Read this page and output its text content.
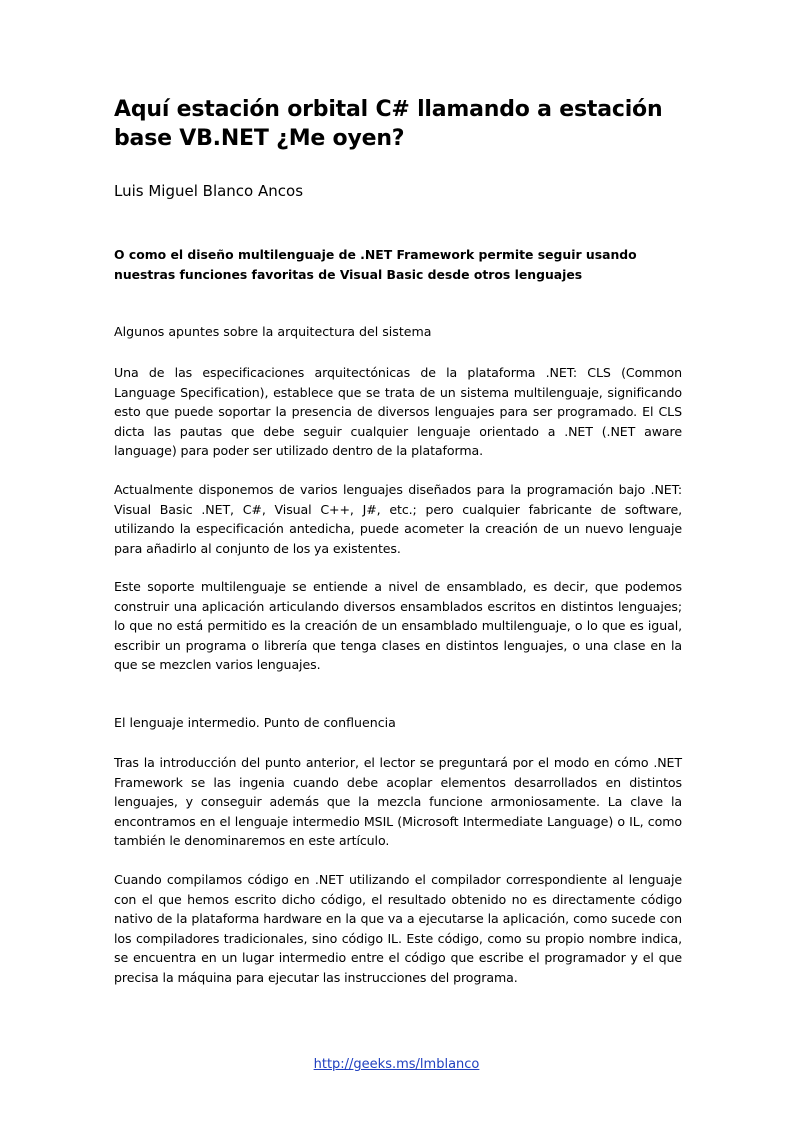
Aquí estación orbital C# llamando a estación base VB.NET ¿Me oyen?

Luis Miguel Blanco Ancos

O como el diseño multilenguaje de .NET Framework permite seguir usando nuestras funciones favoritas de Visual Basic desde otros lenguajes

Algunos apuntes sobre la arquitectura del sistema

Una de las especificaciones arquitectónicas de la plataforma .NET: CLS (Common Language Specification), establece que se trata de un sistema multilenguaje, significando esto que puede soportar la presencia de diversos lenguajes para ser programado. El CLS dicta las pautas que debe seguir cualquier lenguaje orientado a .NET (.NET aware language) para poder ser utilizado dentro de la plataforma.

Actualmente disponemos de varios lenguajes diseñados para la programación bajo .NET: Visual Basic .NET, C#, Visual C++, J#, etc.; pero cualquier fabricante de software, utilizando la especificación antedicha, puede acometer la creación de un nuevo lenguaje para añadirlo al conjunto de los ya existentes.

Este soporte multilenguaje se entiende a nivel de ensamblado, es decir, que podemos construir una aplicación articulando diversos ensamblados escritos en distintos lenguajes; lo que no está permitido es la creación de un ensamblado multilenguaje, o lo que es igual, escribir un programa o librería que tenga clases en distintos lenguajes, o una clase en la que se mezclen varios lenguajes.

El lenguaje intermedio. Punto de confluencia

Tras la introducción del punto anterior, el lector se preguntará por el modo en cómo .NET Framework se las ingenia cuando debe acoplar elementos desarrollados en distintos lenguajes, y conseguir además que la mezcla funcione armoniosamente. La clave la encontramos en el lenguaje intermedio MSIL (Microsoft Intermediate Language) o IL, como también le denominaremos en este artículo.

Cuando compilamos código en .NET utilizando el compilador correspondiente al lenguaje con el que hemos escrito dicho código, el resultado obtenido no es directamente código nativo de la plataforma hardware en la que va a ejecutarse la aplicación, como sucede con los compiladores tradicionales, sino código IL. Este código, como su propio nombre indica, se encuentra en un lugar intermedio entre el código que escribe el programador y el que precisa la máquina para ejecutar las instrucciones del programa.

http://geeks.ms/lmblanco
